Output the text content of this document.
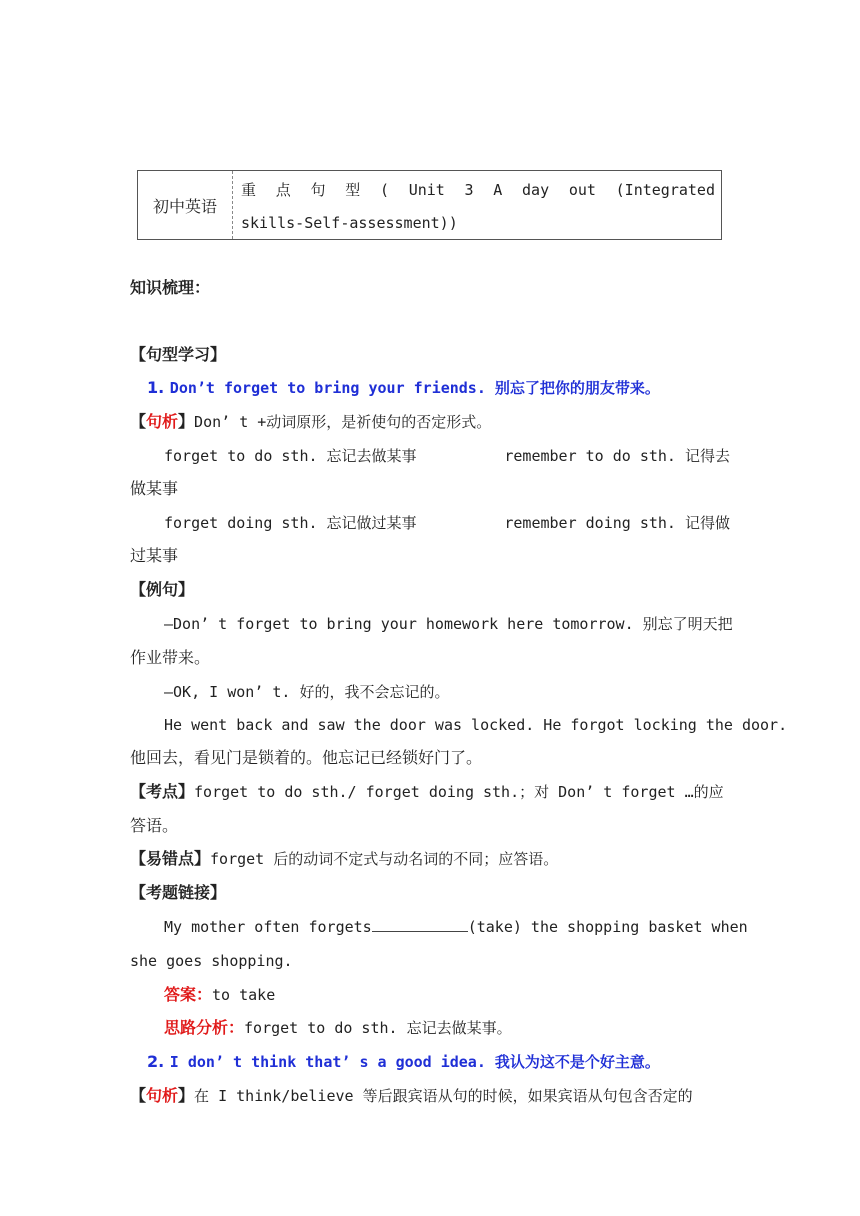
初中英语
重 点 句 型 ( Unit 3 A day out (Integrated
skills-Self-assessment))
知识梳理：
【句型学习】
1. Don’t forget to bring your friends. 别忘了把你的朋友带来。
【句析】Don’ t +动词原形，是祈使句的否定形式。
forget to do sth. 忘记去做某事	remember to do sth. 记得去
做某事
forget doing sth. 忘记做过某事	remember doing sth. 记得做
过某事
【例句】
—Don’ t forget to bring your homework here tomorrow. 别忘了明天把
作业带来。
—OK, I won’ t. 好的，我不会忘记的。
He went back and saw the door was locked. He forgot locking the door.
他回去，看见门是锁着的。他忘记已经锁好门了。
【考点】forget to do sth./ forget doing sth.；对 Don’ t forget …的应
答语。
【易错点】forget 后的动词不定式与动名词的不同；应答语。
【考题链接】
My mother often forgets	(take) the shopping basket when
she goes shopping.
答案：to take
思路分析：forget to do sth. 忘记去做某事。
2. I don’ t think that’ s a good idea. 我认为这不是个好主意。
【句析】在 I think/believe 等后跟宾语从句的时候，如果宾语从句包含否定的
